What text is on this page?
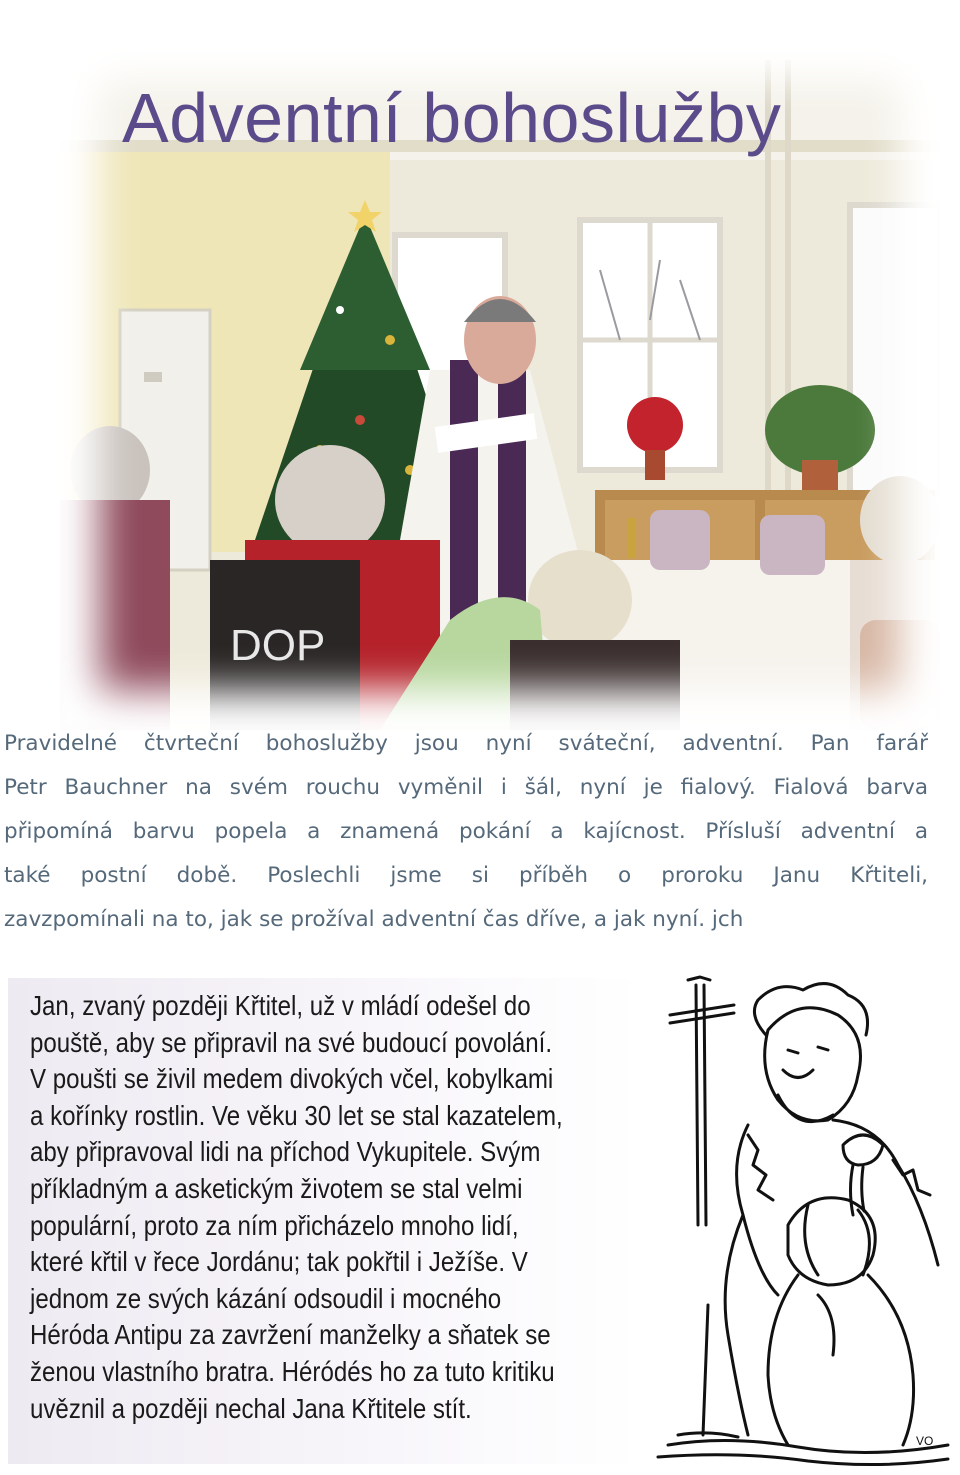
DOP
Adventní bohoslužby
Pravidelné čtvrteční bohoslužby jsou nyní sváteční, adventní. Pan farář
Petr Bauchner na svém rouchu vyměnil i šál, nyní je fialový. Fialová barva
připomíná barvu popela a znamená pokání a kajícnost. Přísluší adventní a
také postní době. Poslechli jsme si příběh o proroku Janu Křtiteli,
zavzpomínali na to, jak se prožíval adventní čas dříve, a jak nyní. jch
Jan, zvaný později Křtitel, už v mládí odešel do
pouště, aby se připravil na své budoucí povolání.
V poušti se živil medem divokých včel, kobylkami
a kořínky rostlin. Ve věku 30 let se stal kazatelem,
aby připravoval lidi na příchod Vykupitele. Svým
příkladným a asketickým životem se stal velmi
populární, proto za ním přicházelo mnoho lidí,
které křtil v řece Jordánu; tak pokřtil i Ježíše. V
jednom ze svých kázání odsoudil i mocného
Héróda Antipu za zavržení manželky a sňatek se
ženou vlastního bratra. Héródés ho za tuto kritiku
uvěznil a později nechal Jana Křtitele stít.
VO
